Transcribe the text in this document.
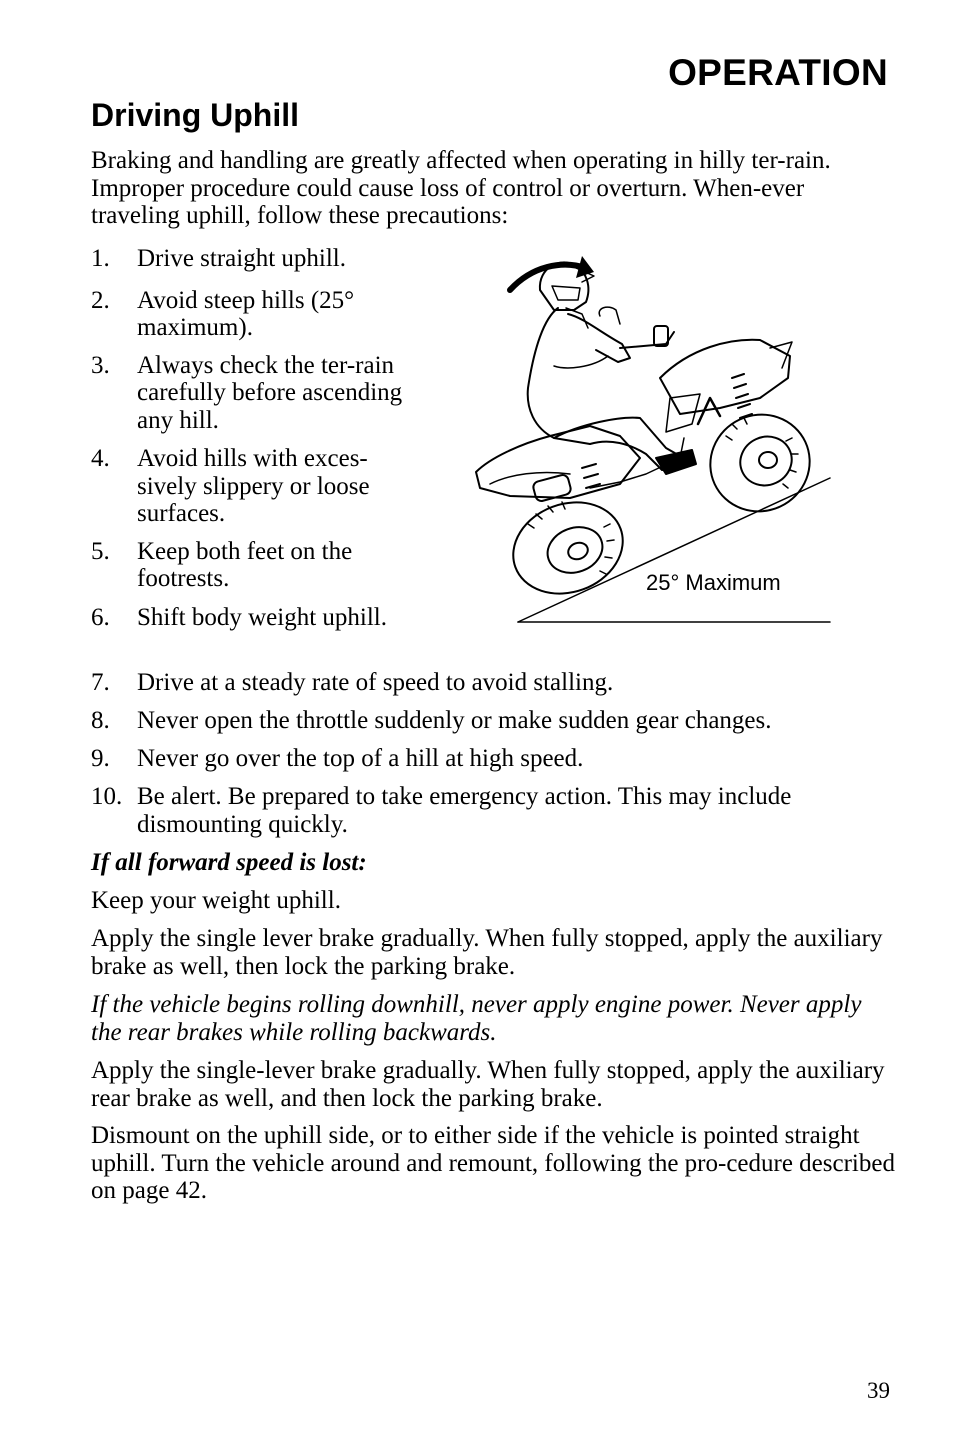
OPERATION
Driving Uphill

Braking and handling are greatly affected when operating in hilly ter-rain. Improper procedure could cause loss of control or overturn. When-ever traveling uphill, follow these precautions:

1. Drive straight uphill.
2. Avoid steep hills (25° maximum).
3. Always check the ter-rain carefully before ascending any hill.
4. Avoid hills with exces-sively slippery or loose surfaces.
5. Keep both feet on the footrests.
6. Shift body weight uphill.
25° Maximum
7. Drive at a steady rate of speed to avoid stalling.
8. Never open the throttle suddenly or make sudden gear changes.
9. Never go over the top of a hill at high speed.
10. Be alert. Be prepared to take emergency action. This may include dismounting quickly.

If all forward speed is lost:

Keep your weight uphill.

Apply the single lever brake gradually. When fully stopped, apply the auxiliary brake as well, then lock the parking brake.

If the vehicle begins rolling downhill, never apply engine power. Never apply the rear brakes while rolling backwards.

Apply the single-lever brake gradually. When fully stopped, apply the auxiliary rear brake as well, and then lock the parking brake.

Dismount on the uphill side, or to either side if the vehicle is pointed straight uphill. Turn the vehicle around and remount, following the pro-cedure described on page 42.

39
